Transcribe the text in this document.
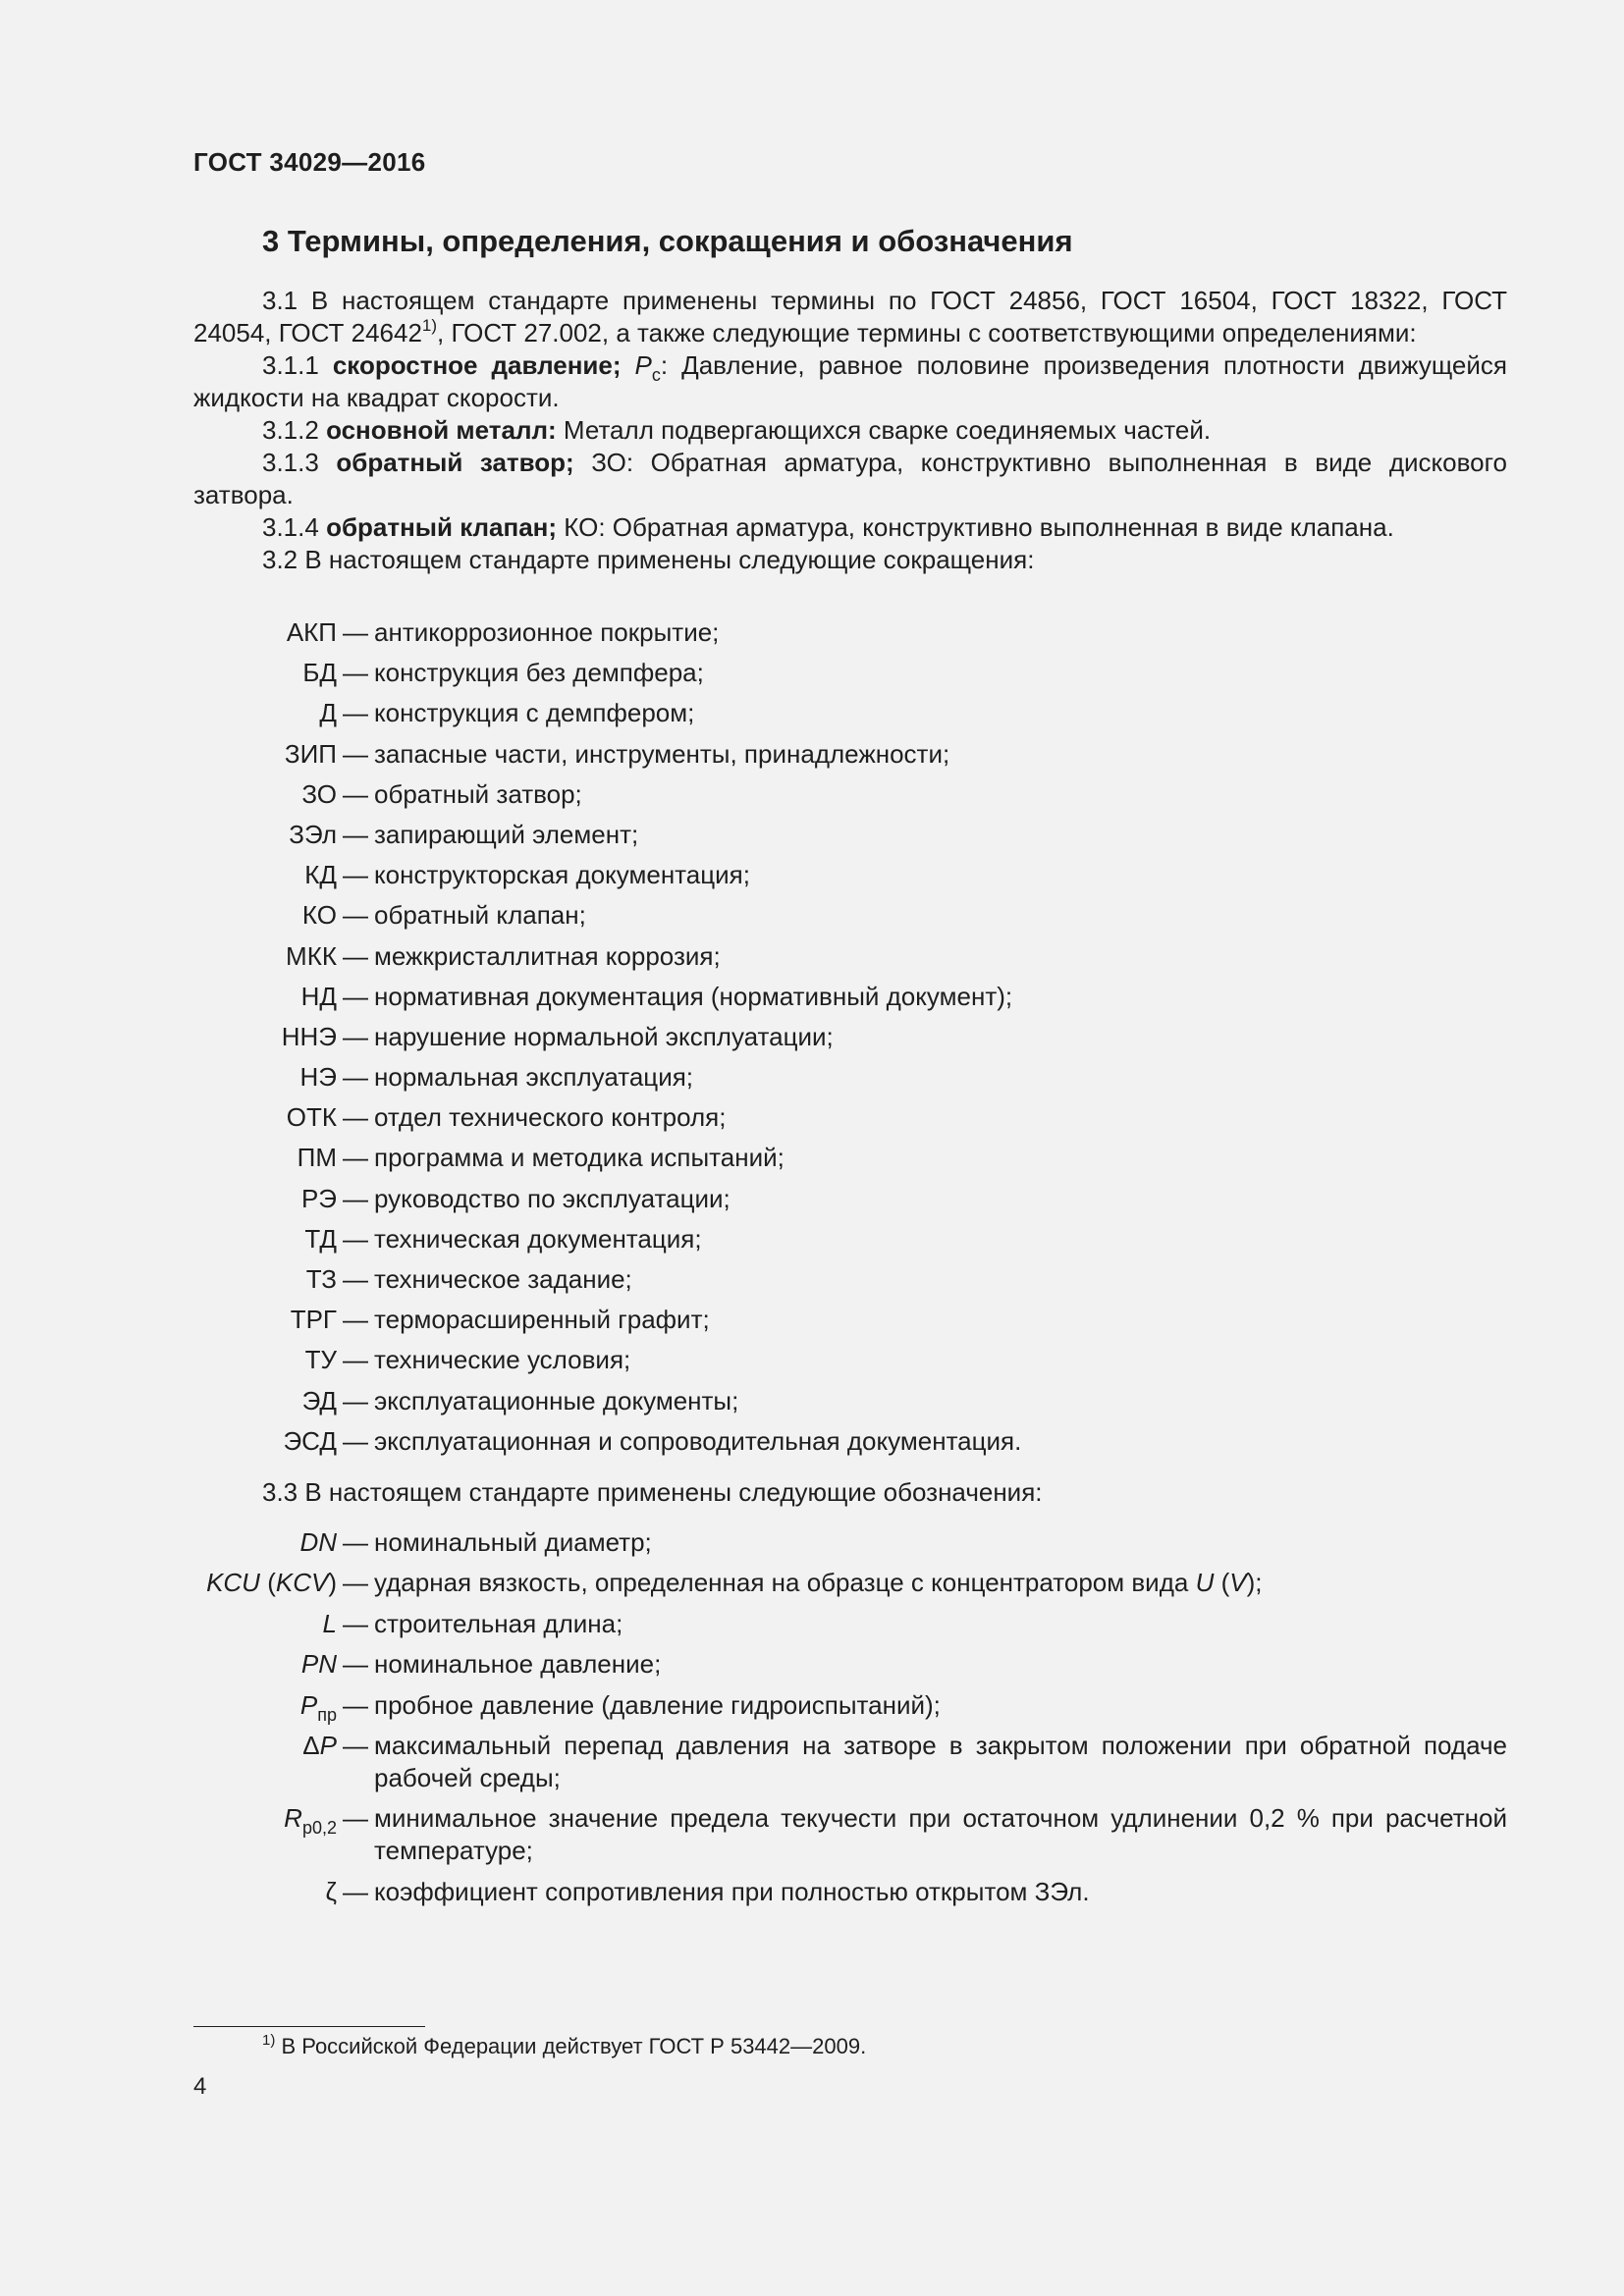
ГОСТ 34029—2016
3 Термины, определения, сокращения и обозначения

3.1 В настоящем стандарте применены термины по ГОСТ 24856, ГОСТ 16504, ГОСТ 18322, ГОСТ 24054, ГОСТ 24642$^{1)}$, ГОСТ 27.002, а также следующие термины с соответствующими определениями:

3.1.1 скоростное давление; $P_c$: Давление, равное половине произведения плотности движущейся жидкости на квадрат скорости.

3.1.2 основной металл: Металл подвергающихся сварке соединяемых частей.

3.1.3 обратный затвор; ЗО: Обратная арматура, конструктивно выполненная в виде дискового затвора.

3.1.4 обратный клапан; КО: Обратная арматура, конструктивно выполненная в виде клапана.

3.2 В настоящем стандарте применены следующие сокращения:

АКП — антикоррозионное покрытие;
БД — конструкция без демпфера;
Д — конструкция с демпфером;
ЗИП — запасные части, инструменты, принадлежности;
ЗО — обратный затвор;
ЗЭл — запирающий элемент;
КД — конструкторская документация;
КО — обратный клапан;
МКК — межкристаллитная коррозия;
НД — нормативная документация (нормативный документ);
ННЭ — нарушение нормальной эксплуатации;
НЭ — нормальная эксплуатация;
ОТК — отдел технического контроля;
ПМ — программа и методика испытаний;
РЭ — руководство по эксплуатации;
ТД — техническая документация;
ТЗ — техническое задание;
ТРГ — терморасширенный графит;
ТУ — технические условия;
ЭД — эксплуатационные документы;
ЭСД — эксплуатационная и сопроводительная документация.
3.3 В настоящем стандарте применены следующие обозначения:
DN — номинальный диаметр;
KCU (KCV) — ударная вязкость, определенная на образце с концентратором вида U (V);
L — строительная длина;
PN — номинальное давление;
$P_{пр}$ — пробное давление (давление гидроиспытаний);
ΔP — максимальный перепад давления на затворе в закрытом положении при обратной подаче рабочей среды;
$R_{p0,2}$ — минимальное значение предела текучести при остаточном удлинении 0,2 % при расчетной температуре;
ζ — коэффициент сопротивления при полностью открытом ЗЭл.
$^{1)}$ В Российской Федерации действует ГОСТ Р 53442—2009.
4
